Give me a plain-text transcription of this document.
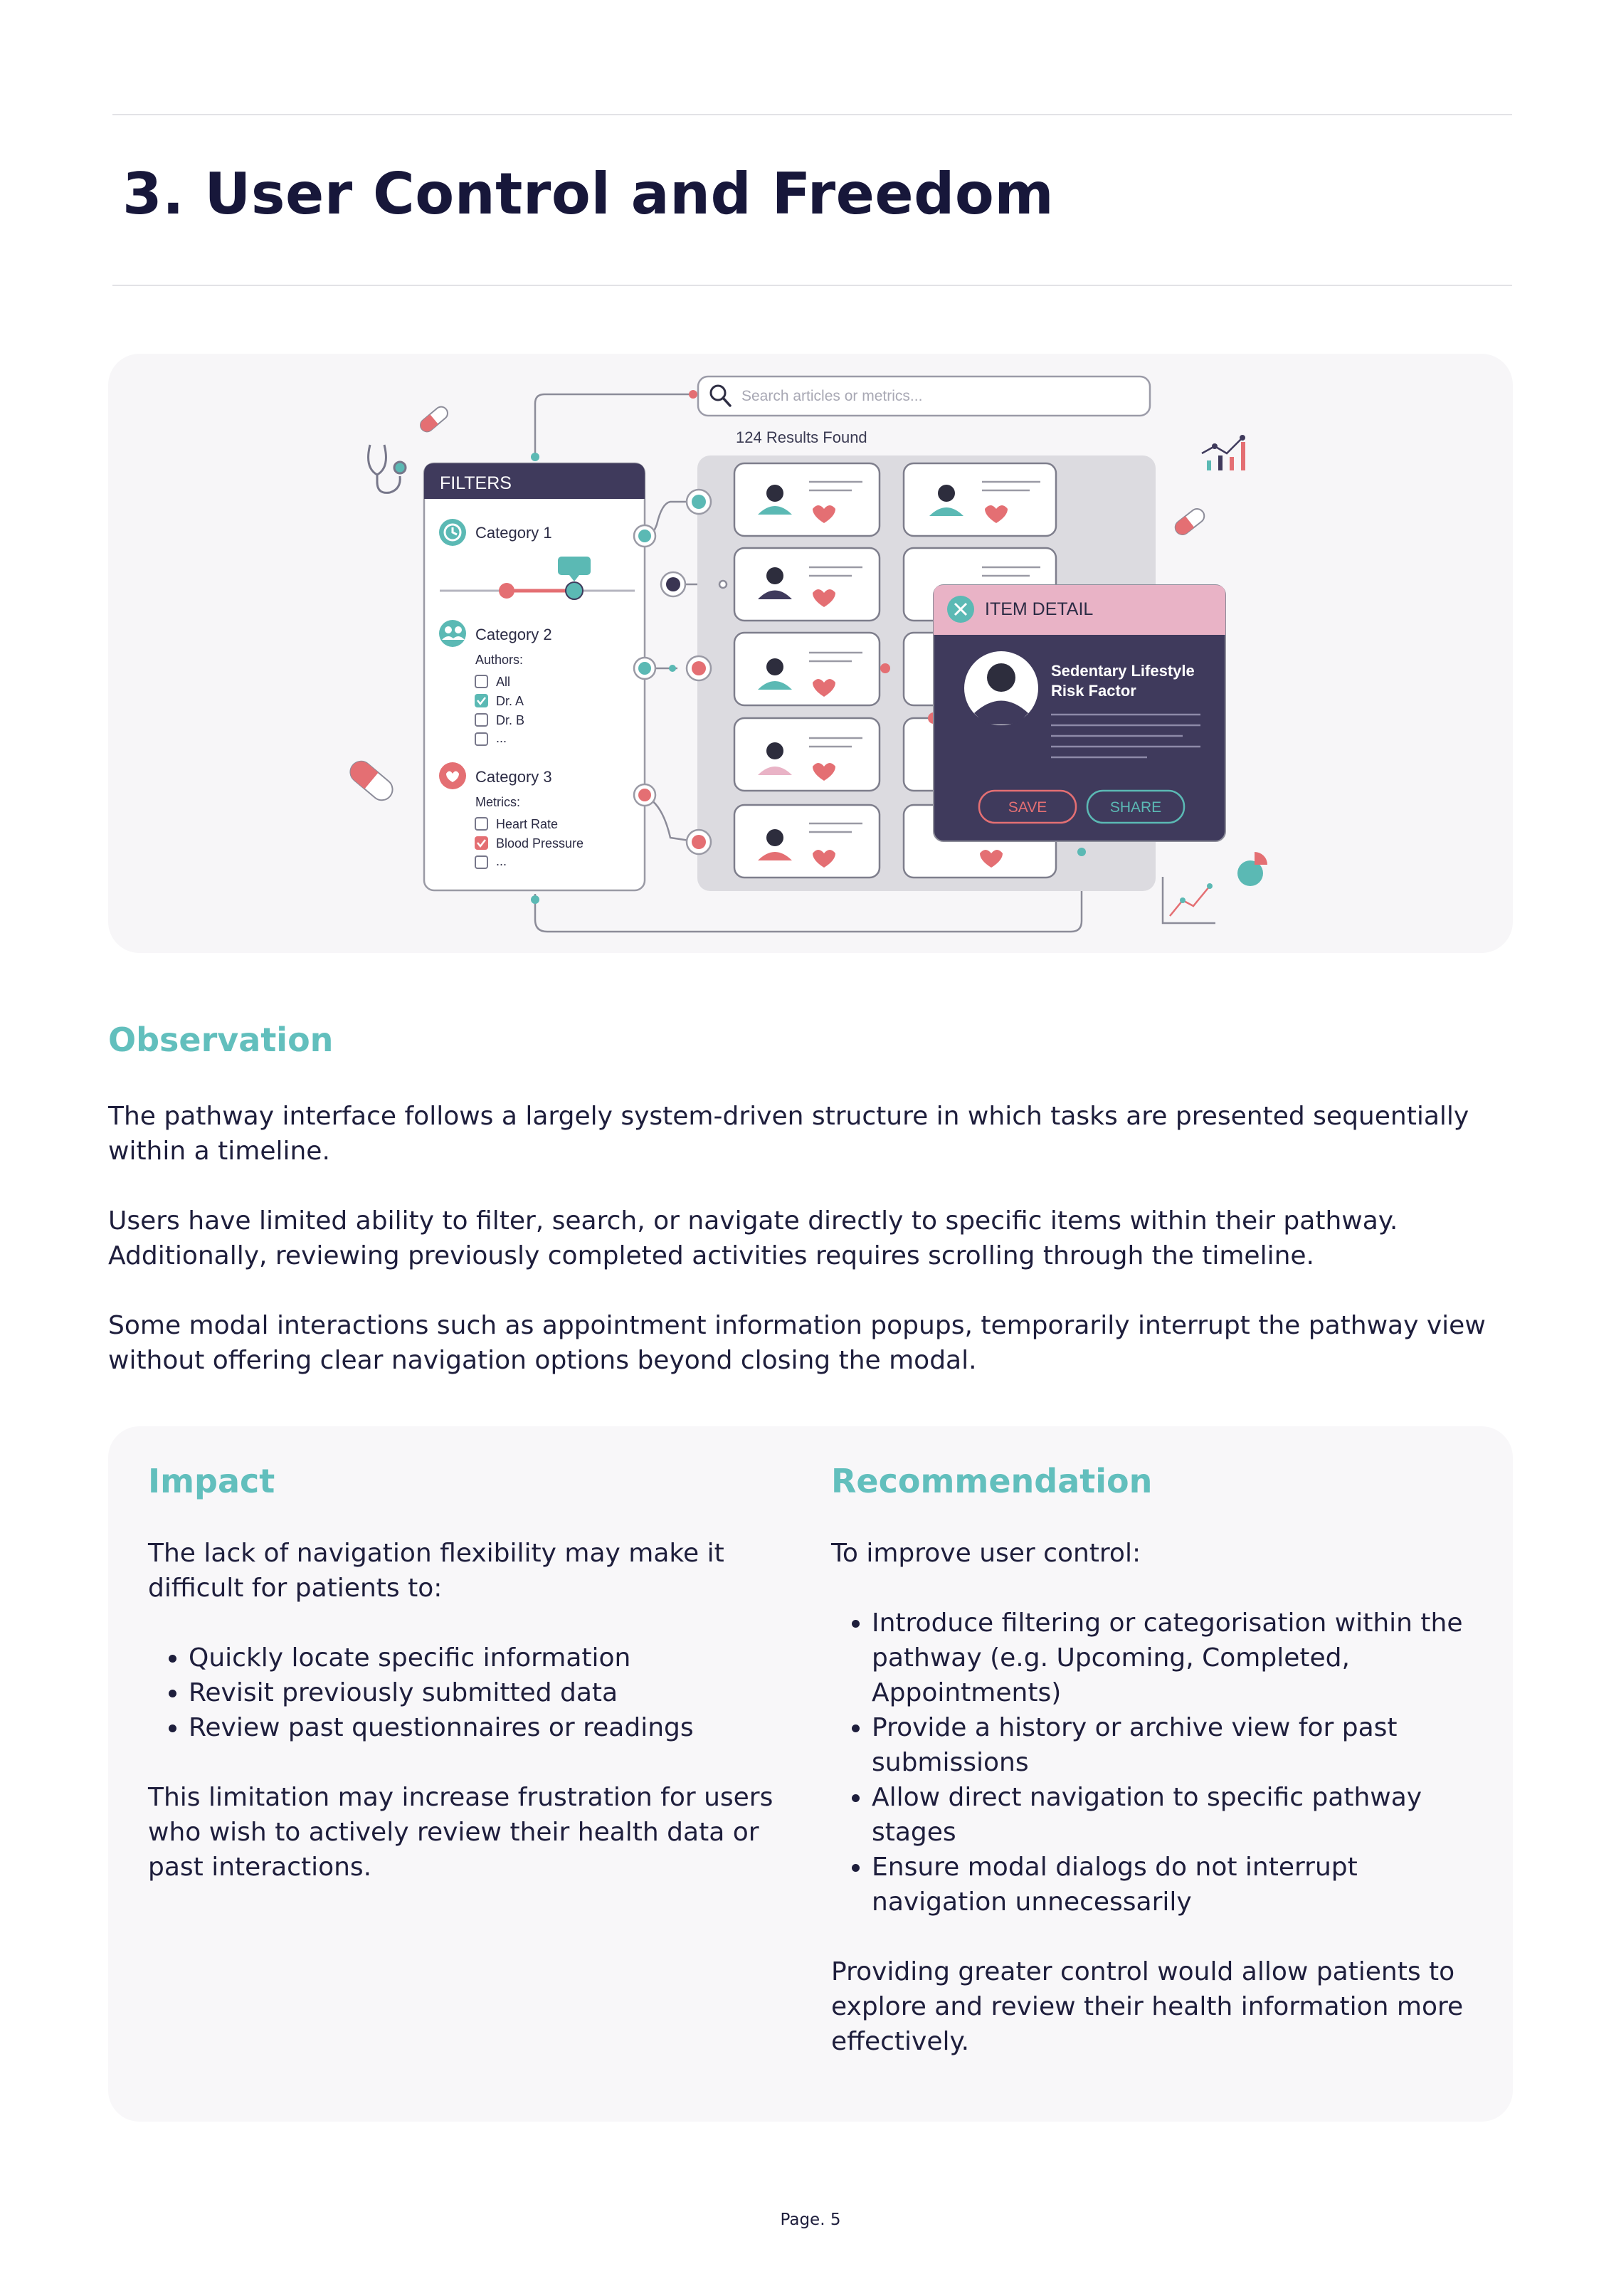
3. User Control and Freedom
Search articles or metrics...
124 Results Found
FILTERS
Category 1
Category 2
Authors:
All
Dr. A
Dr. B
...
Category 3
Metrics:
Heart Rate
Blood Pressure
...
ITEM DETAIL
Sedentary Lifestyle
Risk Factor
SAVE	SHARE
Observation

The pathway interface follows a largely system-driven structure in which tasks are presented sequentially within a timeline.

Users have limited ability to filter, search, or navigate directly to specific items within their pathway. Additionally, reviewing previously completed activities requires scrolling through the timeline.

Some modal interactions such as appointment information popups, temporarily interrupt the pathway view without offering clear navigation options beyond closing the modal.

Impact

The lack of navigation flexibility may make it difficult for patients to:

• Quickly locate specific information
• Revisit previously submitted data
• Review past questionnaires or readings

This limitation may increase frustration for users who wish to actively review their health data or past interactions.

Recommendation

To improve user control:

• Introduce filtering or categorisation within the pathway (e.g. Upcoming, Completed, Appointments)
• Provide a history or archive view for past submissions
• Allow direct navigation to specific pathway stages
• Ensure modal dialogs do not interrupt navigation unnecessarily

Providing greater control would allow patients to explore and review their health information more effectively.

Page. 5
